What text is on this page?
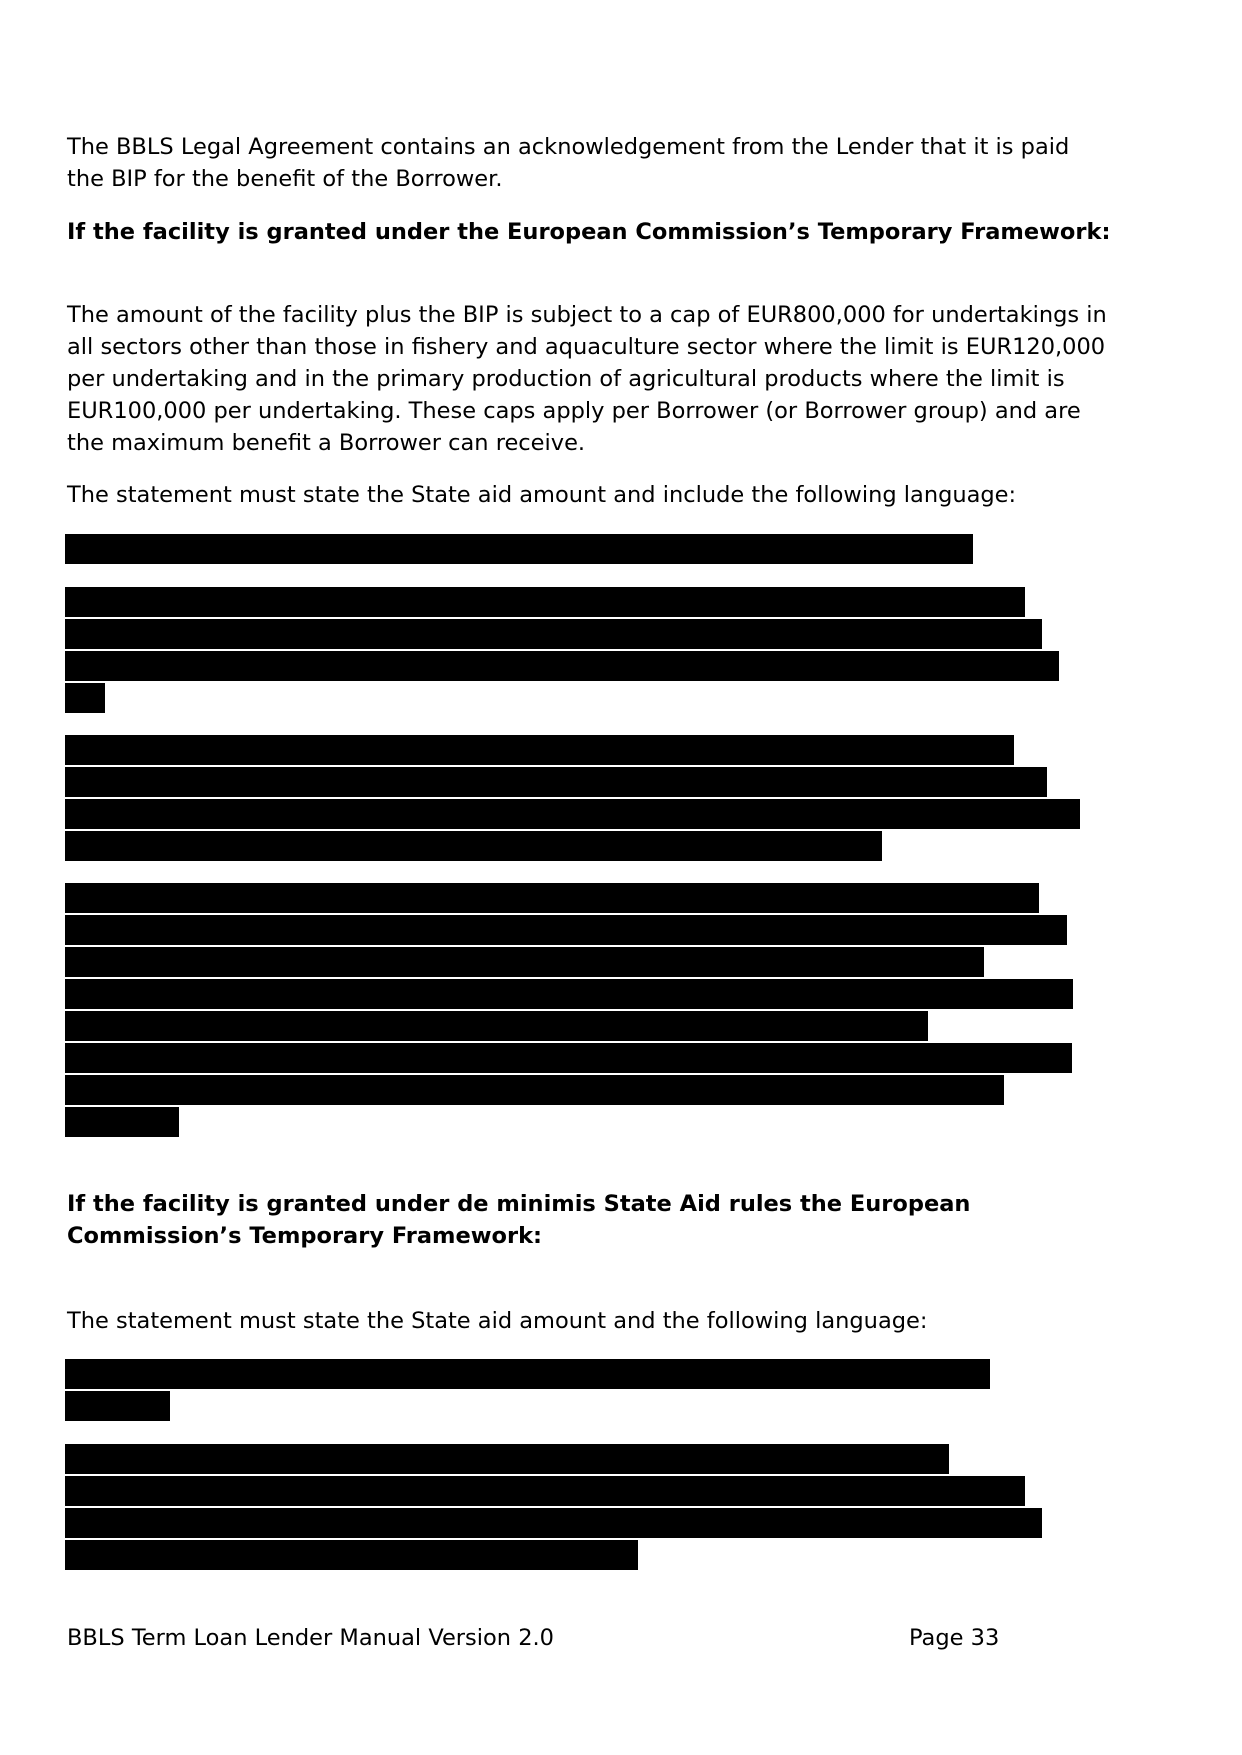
The BBLS Legal Agreement contains an acknowledgement from the Lender that it is paid the BIP for the benefit of the Borrower.

If the facility is granted under the European Commission’s Temporary Framework:

The amount of the facility plus the BIP is subject to a cap of EUR800,000 for undertakings in all sectors other than those in fishery and aquaculture sector where the limit is EUR120,000 per undertaking and in the primary production of agricultural products where the limit is EUR100,000 per undertaking. These caps apply per Borrower (or Borrower group) and are the maximum benefit a Borrower can receive.

The statement must state the State aid amount and include the following language:

If the facility is granted under de minimis State Aid rules the European Commission’s Temporary Framework:

The statement must state the State aid amount and the following language:

BBLS Term Loan Lender Manual Version 2.0	Page 33
